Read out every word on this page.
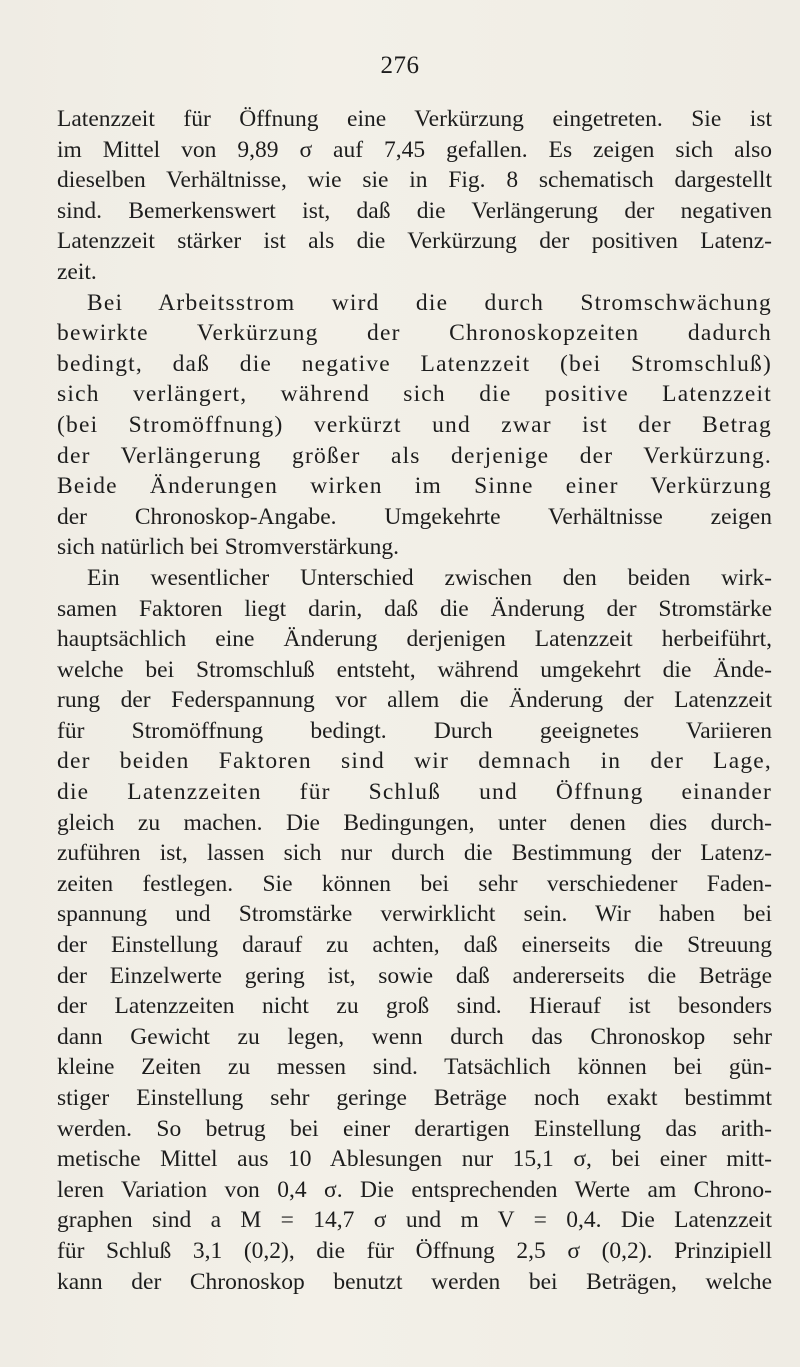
276
Latenzzeit für Öffnung eine Verkürzung eingetreten. Sie ist
im Mittel von 9,89 σ auf 7,45 gefallen. Es zeigen sich also
dieselben Verhältnisse, wie sie in Fig. 8 schematisch dargestellt
sind. Bemerkenswert ist, daß die Verlängerung der negativen
Latenzzeit stärker ist als die Verkürzung der positiven Latenz-
zeit.
Bei Arbeitsstrom wird die durch Stromschwächung
bewirkte Verkürzung der Chronoskopzeiten dadurch
bedingt, daß die negative Latenzzeit (bei Stromschluß)
sich verlängert, während sich die positive Latenzzeit
(bei Stromöffnung) verkürzt und zwar ist der Betrag
der Verlängerung größer als derjenige der Verkürzung.
Beide Änderungen wirken im Sinne einer Verkürzung
der Chronoskop-Angabe. Umgekehrte Verhältnisse zeigen
sich natürlich bei Stromverstärkung.
Ein wesentlicher Unterschied zwischen den beiden wirk-
samen Faktoren liegt darin, daß die Änderung der Stromstärke
hauptsächlich eine Änderung derjenigen Latenzzeit herbeiführt,
welche bei Stromschluß entsteht, während umgekehrt die Ände-
rung der Federspannung vor allem die Änderung der Latenzzeit
für Stromöffnung bedingt. Durch geeignetes Variieren
der beiden Faktoren sind wir demnach in der Lage,
die Latenzzeiten für Schluß und Öffnung einander
gleich zu machen. Die Bedingungen, unter denen dies durch-
zuführen ist, lassen sich nur durch die Bestimmung der Latenz-
zeiten festlegen. Sie können bei sehr verschiedener Faden-
spannung und Stromstärke verwirklicht sein. Wir haben bei
der Einstellung darauf zu achten, daß einerseits die Streuung
der Einzelwerte gering ist, sowie daß andererseits die Beträge
der Latenzzeiten nicht zu groß sind. Hierauf ist besonders
dann Gewicht zu legen, wenn durch das Chronoskop sehr
kleine Zeiten zu messen sind. Tatsächlich können bei gün-
stiger Einstellung sehr geringe Beträge noch exakt bestimmt
werden. So betrug bei einer derartigen Einstellung das arith-
metische Mittel aus 10 Ablesungen nur 15,1 σ, bei einer mitt-
leren Variation von 0,4 σ. Die entsprechenden Werte am Chrono-
graphen sind a M = 14,7 σ und m V = 0,4. Die Latenzzeit
für Schluß 3,1 (0,2), die für Öffnung 2,5 σ (0,2). Prinzipiell
kann der Chronoskop benutzt werden bei Beträgen, welche
